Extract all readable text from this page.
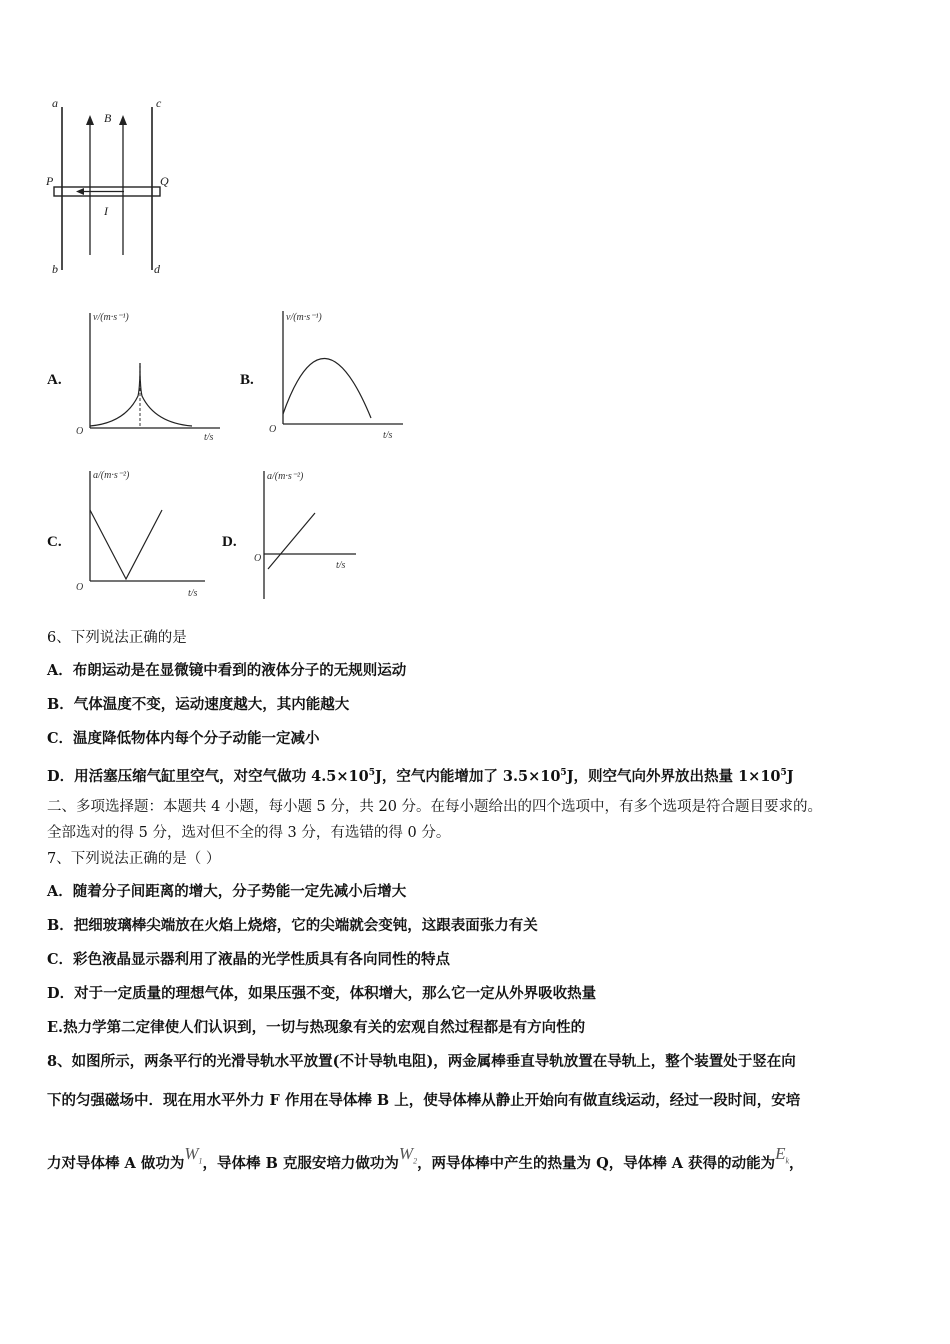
a
B
c
P	Q
I
b	d
A.
v/(m·s⁻¹)
t/s
O
B.
v/(m·s⁻¹)
t/s
O
C.
a/(m·s⁻²)
t/s
O
D.
a/(m·s⁻²)
t/s
O
6、下列说法正确的是
A．布朗运动是在显微镜中看到的液体分子的无规则运动
B．气体温度不变，运动速度越大，其内能越大
C．温度降低物体内每个分子动能一定减小
D．用活塞压缩气缸里空气，对空气做功 $4.5\times 10^5J$，空气内能增加了 $3.5\times 10^5J$，则空气向外界放出热量 $1\times 10^5J$
二、多项选择题：本题共 4 小题，每小题 5 分，共 20 分。在每小题给出的四个选项中，有多个选项是符合题目要求的。
全部选对的得 5 分，选对但不全的得 3 分，有选错的得 0 分。
7、下列说法正确的是（ ）
A．随着分子间距离的增大，分子势能一定先减小后增大
B．把细玻璃棒尖端放在火焰上烧熔，它的尖端就会变钝，这跟表面张力有关
C．彩色液晶显示器利用了液晶的光学性质具有各向同性的特点
D．对于一定质量的理想气体，如果压强不变，体积增大，那么它一定从外界吸收热量
E.热力学第二定律使人们认识到，一切与热现象有关的宏观自然过程都是有方向性的
8、如图所示，两条平行的光滑导轨水平放置(不计导轨电阻)，两金属棒垂直导轨放置在导轨上，整个装置处于竖在向
下的匀强磁场中．现在用水平外力 F 作用在导体棒 B 上，使导体棒从静止开始向有做直线运动，经过一段时间，安培
力对导体棒 A 做功为$W_1$，导体棒 B 克服安培力做功为$W_2$，两导体棒中产生的热量为 Q，导体棒 A 获得的动能为$E_k$，
